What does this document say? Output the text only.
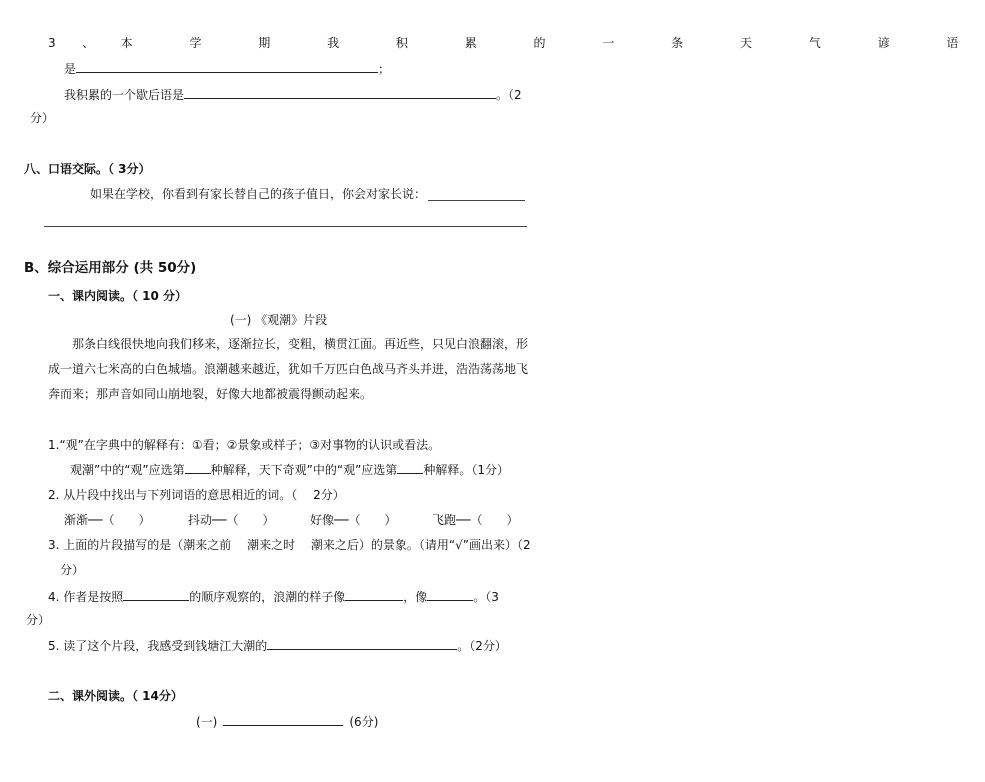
3、本 学 期 我 积 累 的 一 条 天 气 谚 语
是	；
我积累的一个歇后语是	。（2
分）
八、口语交际。（ 3分）
如果在学校，你看到有家长替自己的孩子值日，你会对家长说：
B、综合运用部分 (共 50分)
一、课内阅读。（ 10 分）
(一) 《观潮》片段
那条白线很快地向我们移来，逐渐拉长，变粗，横贯江面。再近些，只见白浪翻滚，形
成一道六七米高的白色城墙。浪潮越来越近，犹如千万匹白色战马齐头并进，浩浩荡荡地飞
奔而来；那声音如同山崩地裂，好像大地都被震得颤动起来。
1.“观”在字典中的解释有：①看；②景象或样子；③对事物的认识或看法。
观潮”中的“观”应选第 种解释，天下奇观”中的“观”应选第 种解释。（1分）
2. 从片段中找出与下列词语的意思相近的词。（　 2分）
渐渐──（　　）	抖动──（　　）	好像──（　　）	飞跑──（　　）
3. 上面的片段描写的是（潮来之前　 潮来之时　 潮来之后）的景象。（请用“√”画出来）（2
分）
4. 作者是按照	的顺序观察的，浪潮的样子像	，像	。（3
分）
5. 读了这个片段，我感受到钱塘江大潮的	。（2分）
二、课外阅读。（ 14分）
(一)	(6分)
